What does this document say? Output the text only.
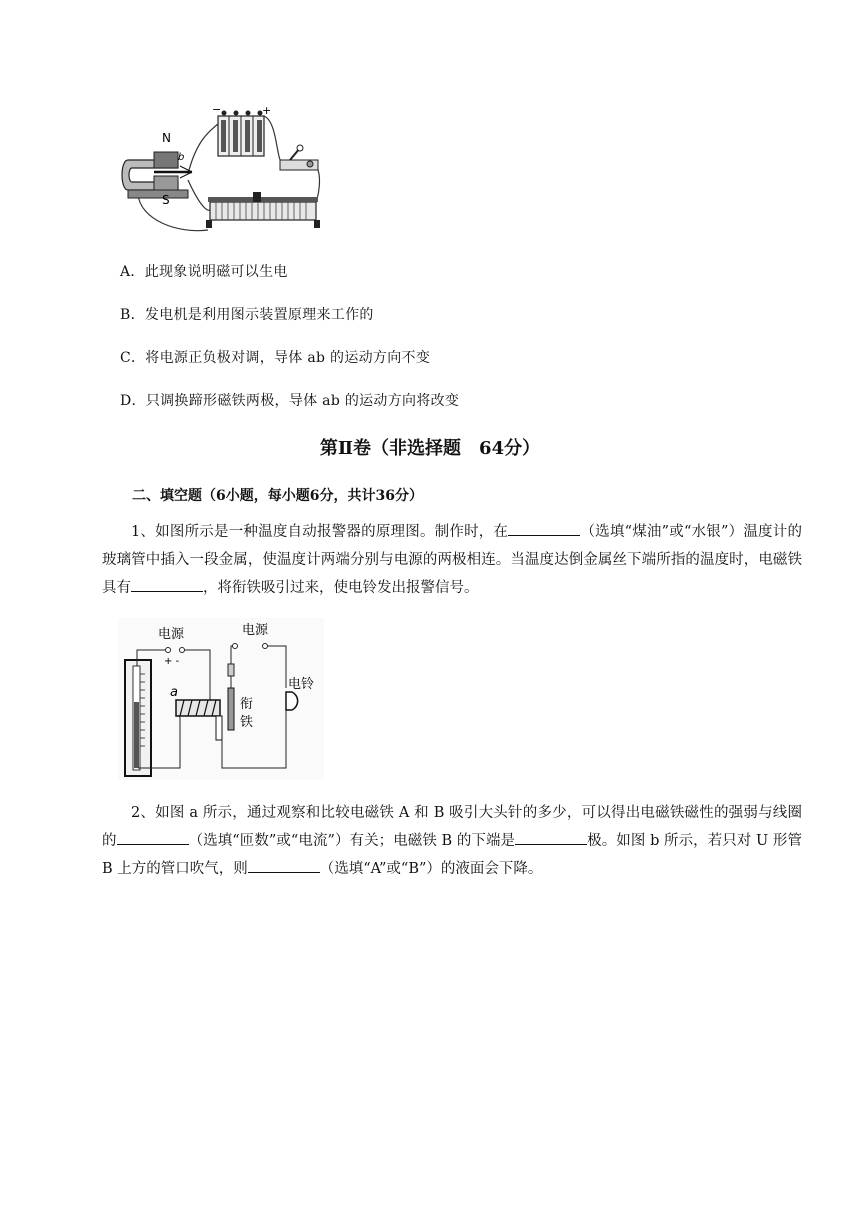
−	+
N
S
b
A．此现象说明磁可以生电
B．发电机是利用图示装置原理来工作的
C．将电源正负极对调，导体 ab 的运动方向不变
D．只调换蹄形磁铁两极，导体 ab 的运动方向将改变
第Ⅱ卷（非选择题　64分）
二、填空题（6小题，每小题6分，共计36分）
1、如图所示是一种温度自动报警器的原理图。制作时，在	（选填“煤油”或“水银”）温度计的玻璃管中插入一段金属，使温度计两端分别与电源的两极相连。当温度达倒金属丝下端所指的温度时，电磁铁具有	，将衔铁吸引过来，使电铃发出报警信号。
电源
+ -
a
衔
铁
电源
电铃
2、如图 a 所示，通过观察和比较电磁铁 A 和 B 吸引大头针的多少，可以得出电磁铁磁性的强弱与线圈的	（选填“匝数”或“电流”）有关；电磁铁 B 的下端是	极。如图 b 所示，若只对 U 形管 B 上方的管口吹气，则	（选填“A”或“B”）的液面会下降。
